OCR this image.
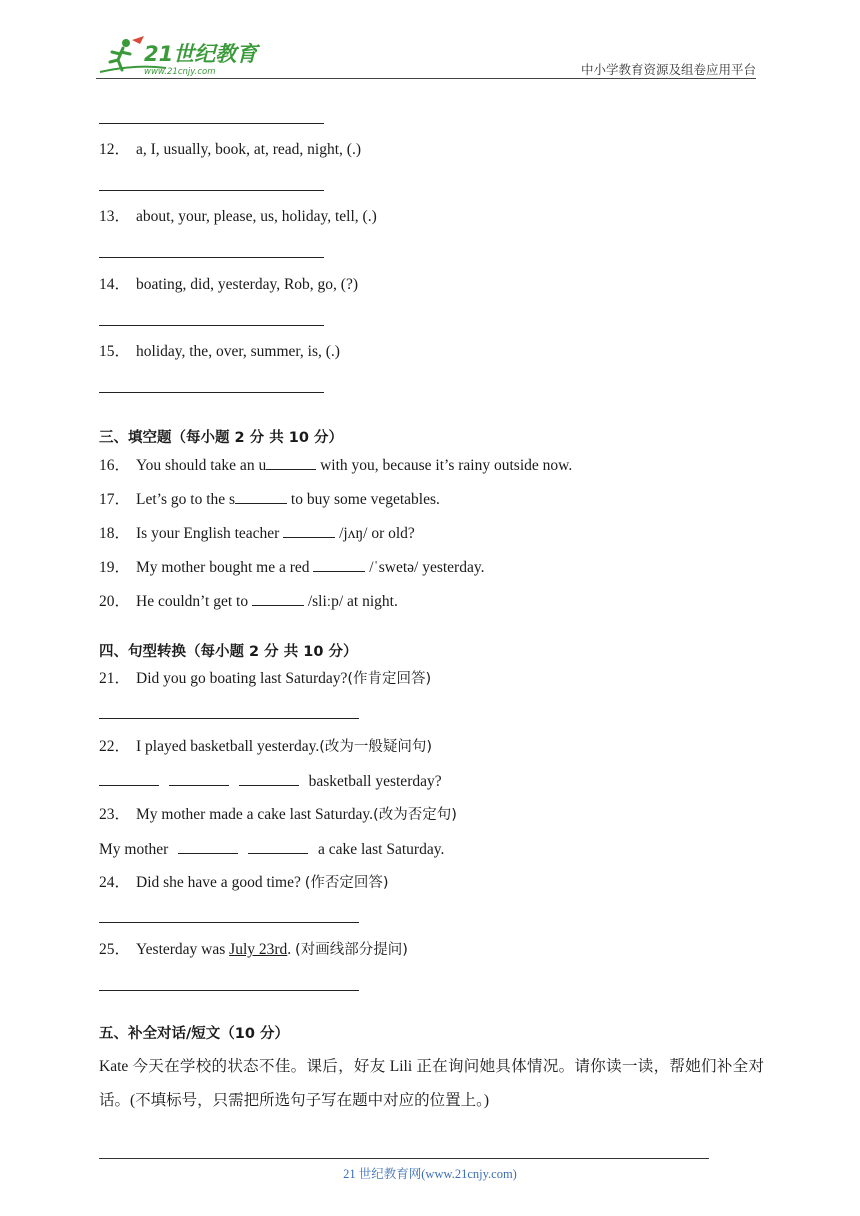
21世纪教育
www.21cnjy.com	中小学教育资源及组卷应用平台
12． a, I, usually, book, at, read, night, (.)
13． about, your, please, us, holiday, tell, (.)
14． boating, did, yesterday, Rob, go, (?)
15． holiday, the, over, summer, is, (.)
三、填空题（每小题 2 分 共 10 分）
16． You should take an u	with you, because it’s rainy outside now.
17． Let’s go to the s	to buy some vegetables.
18． Is your English teacher	/jʌŋ/ or old?
19． My mother bought me a red	/ˈswetə/ yesterday.
20． He couldn’t get to	/sliːp/ at night.
四、句型转换（每小题 2 分 共 10 分）
21． Did you go boating last Saturday?(作肯定回答)
22． I played basketball yesterday.(改为一般疑问句)
basketball yesterday?
23． My mother made a cake last Saturday.(改为否定句)
My mother	a cake last Saturday.
24． Did she have a good time? (作否定回答)
25． Yesterday was July 23rd. (对画线部分提问)
五、补全对话/短文（10 分）
Kate 今天在学校的状态不佳。课后，好友 Lili 正在询问她具体情况。请你读一读，帮她们补全对话。(不填标号，只需把所选句子写在题中对应的位置上。)
21 世纪教育网(www.21cnjy.com)
